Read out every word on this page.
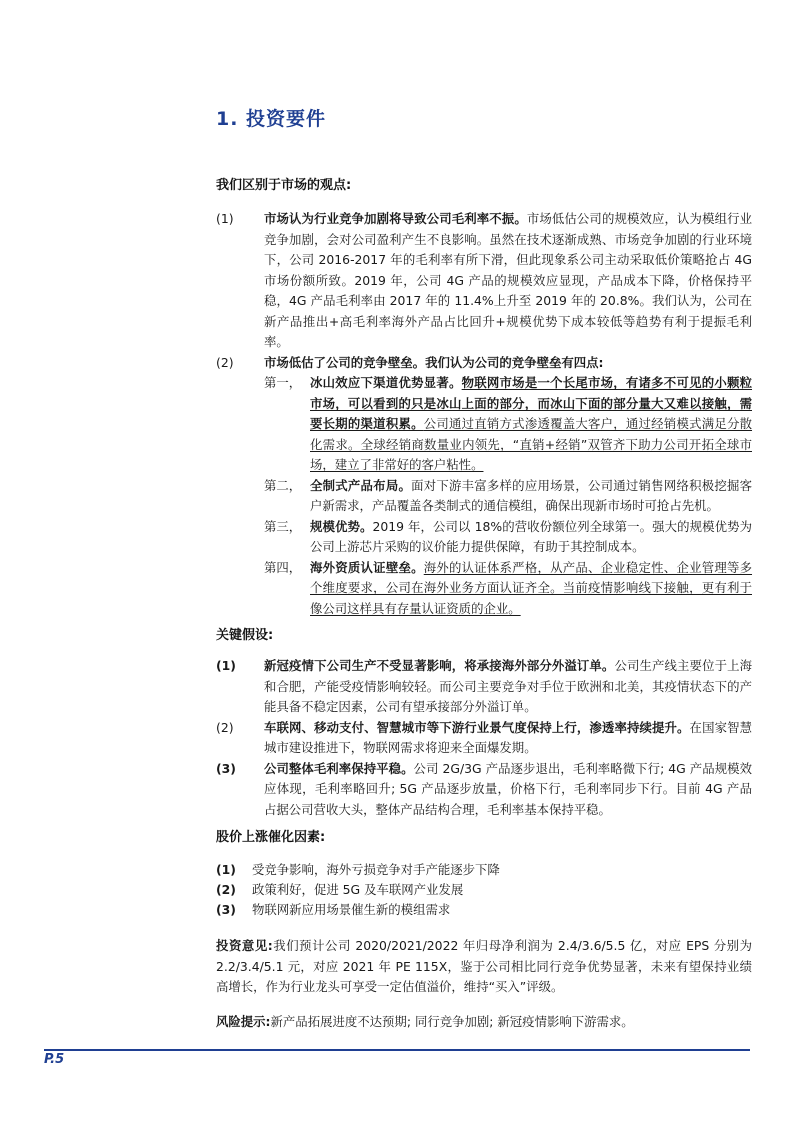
1. 投资要件
我们区别于市场的观点:
(1)	市场认为行业竞争加剧将导致公司毛利率不振。市场低估公司的规模效应，认为模组行业竞争加剧，会对公司盈利产生不良影响。虽然在技术逐渐成熟、市场竞争加剧的行业环境下，公司 2016-2017 年的毛利率有所下滑，但此现象系公司主动采取低价策略抢占 4G 市场份额所致。2019 年，公司 4G 产品的规模效应显现，产品成本下降，价格保持平稳，4G 产品毛利率由 2017 年的 11.4%上升至 2019 年的 20.8%。我们认为，公司在新产品推出+高毛利率海外产品占比回升+规模优势下成本较低等趋势有利于提振毛利率。
(2)	市场低估了公司的竞争壁垒。我们认为公司的竞争壁垒有四点:
第一， 冰山效应下渠道优势显著。物联网市场是一个长尾市场，有诸多不可见的小颗粒市场，可以看到的只是冰山上面的部分，而冰山下面的部分量大又难以接触，需要长期的渠道积累。公司通过直销方式渗透覆盖大客户，通过经销模式满足分散化需求。全球经销商数量业内领先，“直销+经销”双管齐下助力公司开拓全球市场，建立了非常好的客户粘性。
第二， 全制式产品布局。面对下游丰富多样的应用场景，公司通过销售网络积极挖掘客户新需求，产品覆盖各类制式的通信模组，确保出现新市场时可抢占先机。
第三， 规模优势。2019 年，公司以 18%的营收份额位列全球第一。强大的规模优势为公司上游芯片采购的议价能力提供保障，有助于其控制成本。
第四， 海外资质认证壁垒。海外的认证体系严格，从产品、企业稳定性、企业管理等多个维度要求，公司在海外业务方面认证齐全。当前疫情影响线下接触，更有利于像公司这样具有存量认证资质的企业。
关键假设:
(1)	新冠疫情下公司生产不受显著影响，将承接海外部分外溢订单。公司生产线主要位于上海和合肥，产能受疫情影响较轻。而公司主要竞争对手位于欧洲和北美，其疫情状态下的产能具备不稳定因素，公司有望承接部分外溢订单。
(2)	车联网、移动支付、智慧城市等下游行业景气度保持上行，渗透率持续提升。在国家智慧城市建设推进下，物联网需求将迎来全面爆发期。
(3)	公司整体毛利率保持平稳。公司 2G/3G 产品逐步退出，毛利率略微下行; 4G 产品规模效应体现，毛利率略回升; 5G 产品逐步放量，价格下行，毛利率同步下行。目前 4G 产品占据公司营收大头，整体产品结构合理，毛利率基本保持平稳。
股价上涨催化因素:
(1)	受竞争影响，海外亏损竞争对手产能逐步下降
(2)	政策利好，促进 5G 及车联网产业发展
(3)	物联网新应用场景催生新的模组需求
投资意见:我们预计公司 2020/2021/2022 年归母净利润为 2.4/3.6/5.5 亿，对应 EPS 分别为 2.2/3.4/5.1 元，对应 2021 年 PE 115X，鉴于公司相比同行竞争优势显著，未来有望保持业绩高增长，作为行业龙头可享受一定估值溢价，维持“买入”评级。
风险提示:新产品拓展进度不达预期; 同行竞争加剧; 新冠疫情影响下游需求。
P.5
